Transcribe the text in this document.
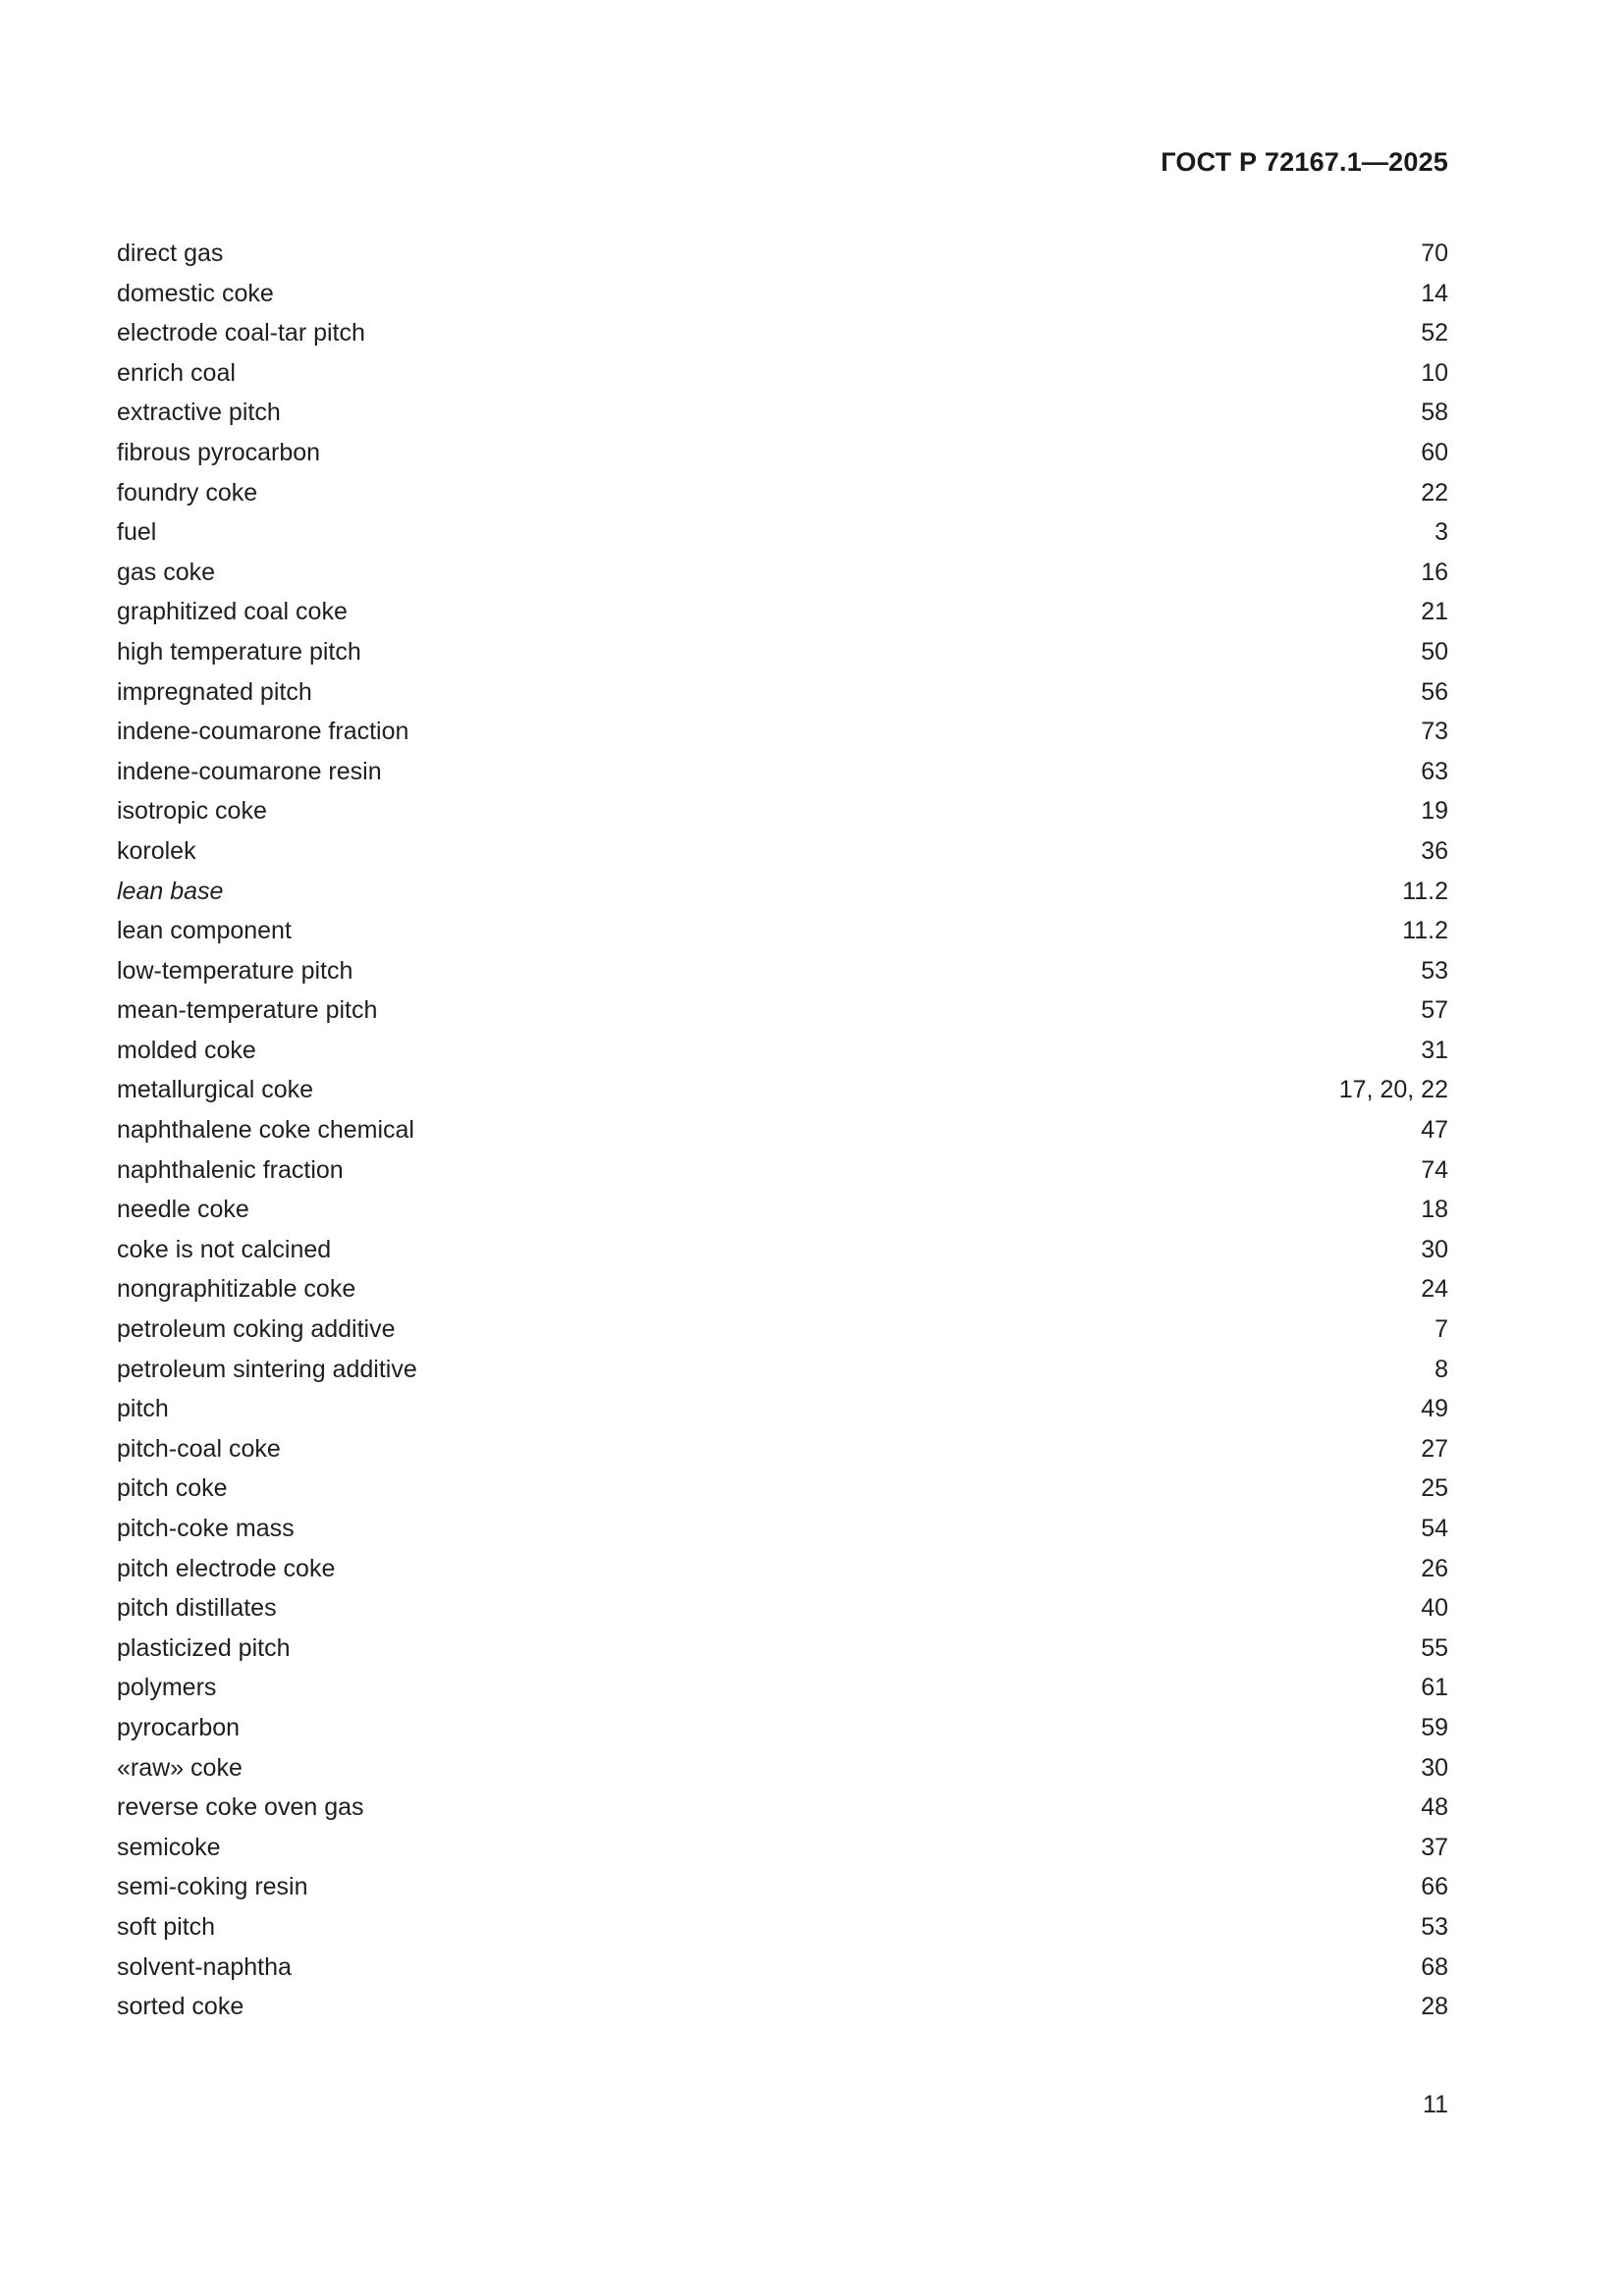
ГОСТ Р 72167.1—2025
direct gas	70
domestic coke	14
electrode coal-tar pitch	52
enrich coal	10
extractive pitch	58
fibrous pyrocarbon	60
foundry coke	22
fuel	3
gas coke	16
graphitized coal coke	21
high temperature pitch	50
impregnated pitch	56
indene-coumarone fraction	73
indene-coumarone resin	63
isotropic coke	19
korolek	36
lean base	11.2
lean component	11.2
low-temperature pitch	53
mean-temperature pitch	57
molded coke	31
metallurgical coke	17, 20, 22
naphthalene coke chemical	47
naphthalenic fraction	74
needle coke	18
coke is not calcined	30
nongraphitizable coke	24
petroleum coking additive	7
petroleum sintering additive	8
pitch	49
pitch-coal coke	27
pitch coke	25
pitch-coke mass	54
pitch electrode coke	26
pitch distillates	40
plasticized pitch	55
polymers	61
pyrocarbon	59
«raw» coke	30
reverse coke oven gas	48
semicoke	37
semi-coking resin	66
soft pitch	53
solvent-naphtha	68
sorted coke	28
11
